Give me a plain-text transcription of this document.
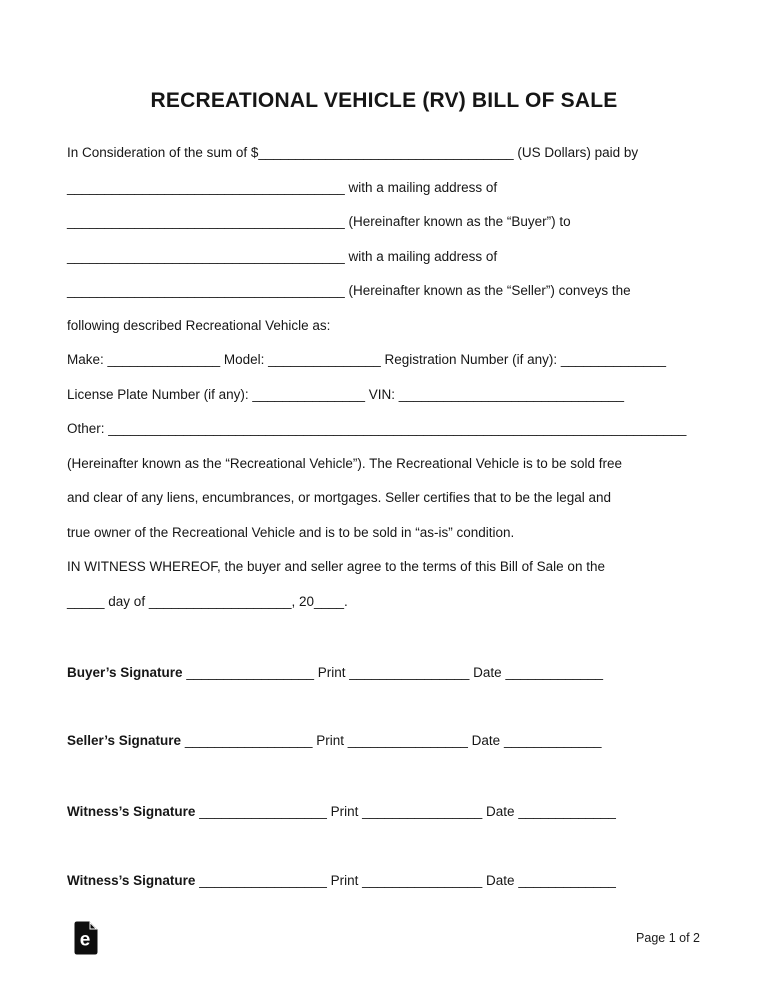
RECREATIONAL VEHICLE (RV) BILL OF SALE

In Consideration of the sum of $__________________________________ (US Dollars) paid by

_____________________________________ with a mailing address of

_____________________________________ (Hereinafter known as the “Buyer”) to

_____________________________________ with a mailing address of

_____________________________________ (Hereinafter known as the “Seller”) conveys the

following described Recreational Vehicle as:

Make: _______________ Model: _______________ Registration Number (if any): ______________

License Plate Number (if any): _______________ VIN: ______________________________

Other: _____________________________________________________________________________

(Hereinafter known as the “Recreational Vehicle”). The Recreational Vehicle is to be sold free

and clear of any liens, encumbrances, or mortgages. Seller certifies that to be the legal and

true owner of the Recreational Vehicle and is to be sold in “as-is” condition.

IN WITNESS WHEREOF, the buyer and seller agree to the terms of this Bill of Sale on the

_____ day of ___________________, 20____.

Buyer’s Signature _________________ Print ________________ Date _____________
Seller’s Signature _________________ Print ________________ Date _____________
Witness’s Signature _________________ Print ________________ Date _____________
Witness’s Signature _________________ Print ________________ Date _____________
e	Page 1 of 2
